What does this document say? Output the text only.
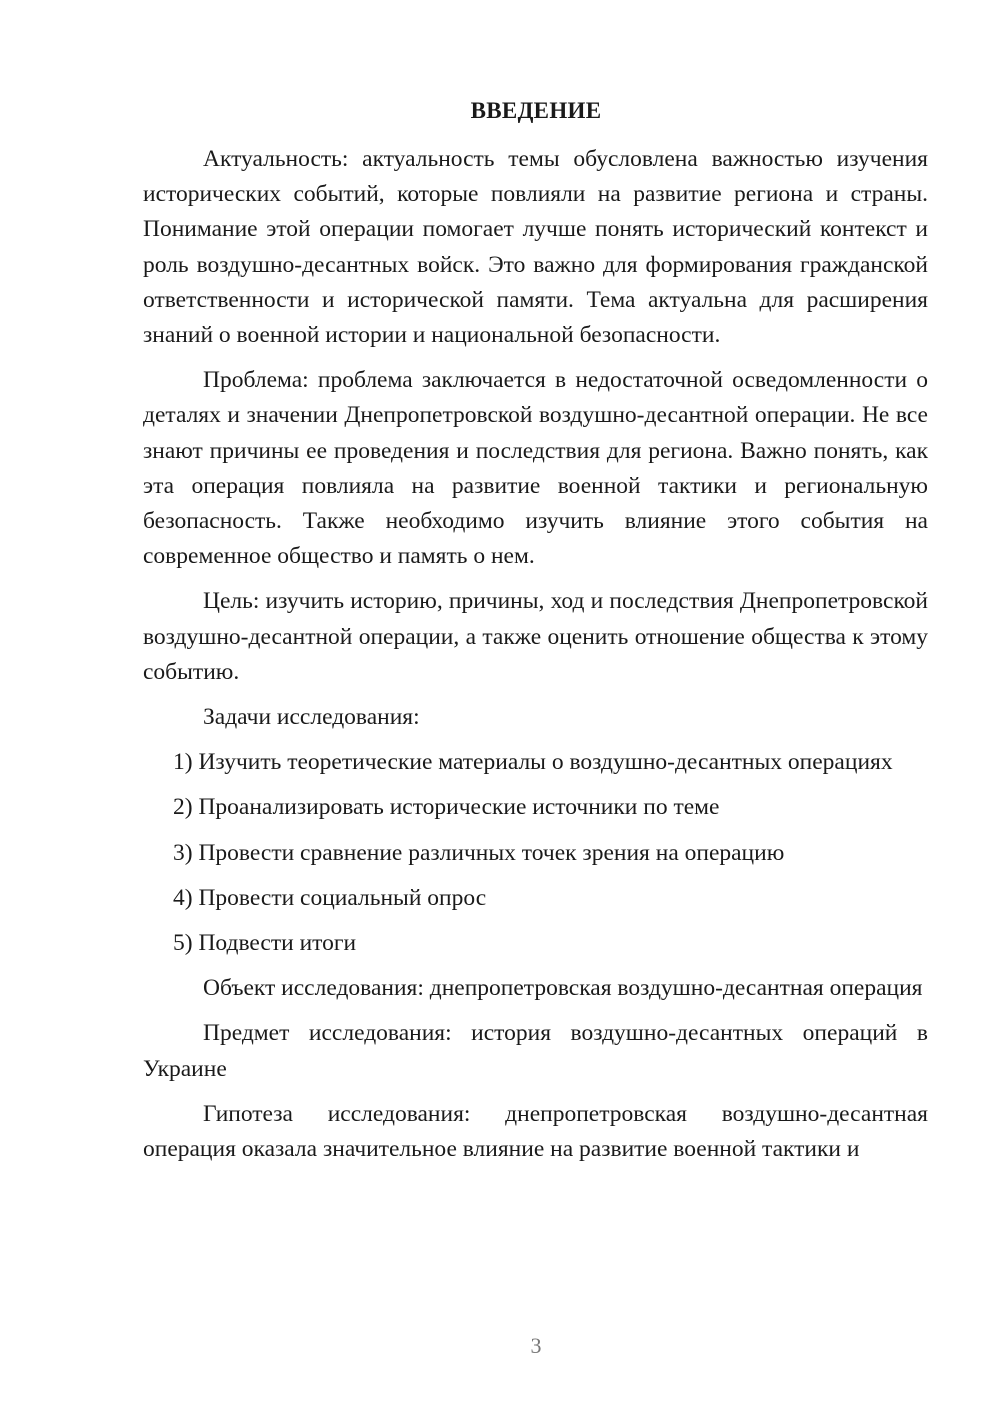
ВВЕДЕНИЕ

Актуальность: актуальность темы обусловлена важностью изучения исторических событий, которые повлияли на развитие региона и страны. Понимание этой операции помогает лучше понять исторический контекст и роль воздушно-десантных войск. Это важно для формирования гражданской ответственности и исторической памяти. Тема актуальна для расширения знаний о военной истории и национальной безопасности.

Проблема: проблема заключается в недостаточной осведомленности о деталях и значении Днепропетровской воздушно-десантной операции. Не все знают причины ее проведения и последствия для региона. Важно понять, как эта операция повлияла на развитие военной тактики и региональную безопасность. Также необходимо изучить влияние этого события на современное общество и память о нем.

Цель: изучить историю, причины, ход и последствия Днепропетровской воздушно-десантной операции, а также оценить отношение общества к этому событию.

Задачи исследования:

1) Изучить теоретические материалы о воздушно-десантных операциях

2) Проанализировать исторические источники по теме

3) Провести сравнение различных точек зрения на операцию

4) Провести социальный опрос

5) Подвести итоги

Объект исследования: днепропетровская воздушно-десантная операция

Предмет исследования: история воздушно-десантных операций в Украине

Гипотеза исследования: днепропетровская воздушно-десантная операция оказала значительное влияние на развитие военной тактики и

3
